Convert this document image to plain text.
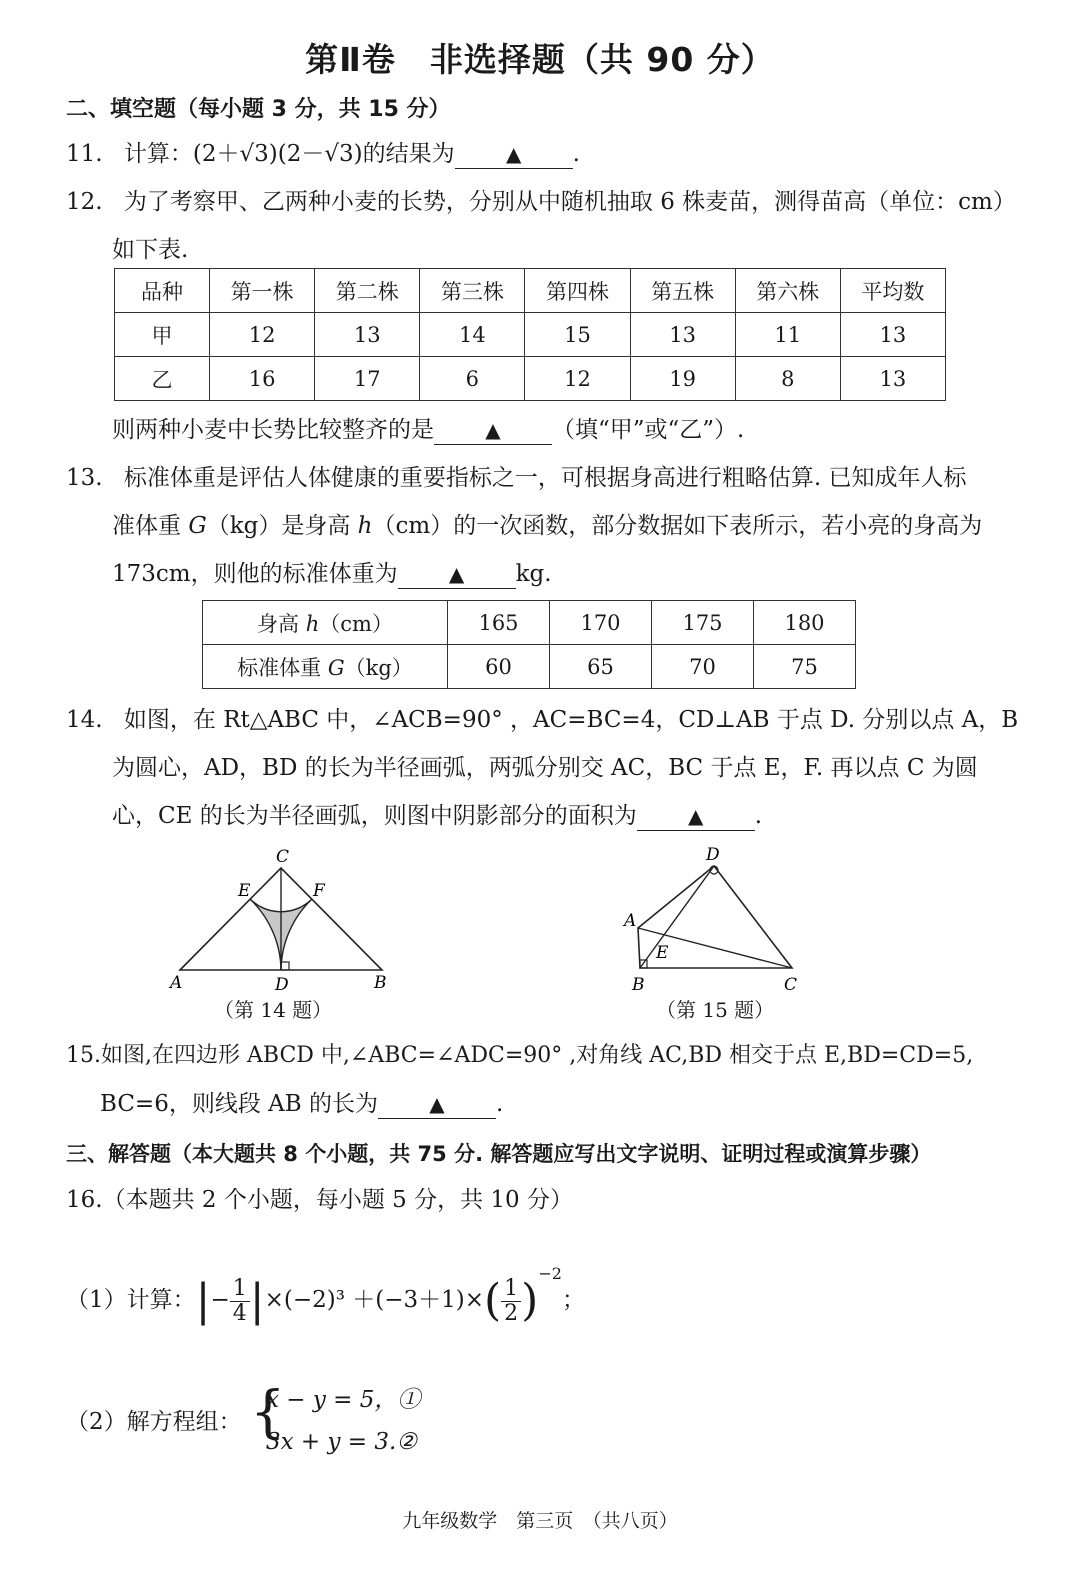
第Ⅱ卷　非选择题（共 90 分）
二、填空题（每小题 3 分，共 15 分）
11. 计算：(2＋√3)(2－√3)的结果为	▲ .
12. 为了考察甲、乙两种小麦的长势，分别从中随机抽取 6 株麦苗，测得苗高（单位：cm）
如下表.
品种	第一株	第二株	第三株	第四株	第五株	第六株	平均数
甲	12	13	14	15	13	11	13
乙	16	17	6	12	19	8	13
则两种小麦中长势比较整齐的是	▲ （填“甲”或“乙”）.
13. 标准体重是评估人体健康的重要指标之一，可根据身高进行粗略估算. 已知成年人标
准体重 G（kg）是身高 h（cm）的一次函数，部分数据如下表所示，若小亮的身高为
173cm，则他的标准体重为	▲ kg.
身高 h（cm）	165	170	175	180
标准体重 G（kg）	60	65	70	75
14. 如图，在 Rt△ABC 中，∠ACB=90° ，AC=BC=4，CD⊥AB 于点 D. 分别以点 A，B
为圆心，AD，BD 的长为半径画弧，两弧分别交 AC，BC 于点 E，F. 再以点 C 为圆
心，CE 的长为半径画弧，则图中阴影部分的面积为	▲ .
C
E	F
A	D	B
（第 14 题）
D
A
E
B	C
（第 15 题）
15.如图,在四边形 ABCD 中,∠ABC=∠ADC=90° ,对角线 AC,BD 相交于点 E,BD=CD=5,
BC=6，则线段 AB 的长为	▲ .
三、解答题（本大题共 8 个小题，共 75 分. 解答题应写出文字说明、证明过程或演算步骤）
16.（本题共 2 个小题，每小题 5 分，共 10 分）
（1）计算：|− $\frac{1}{4} |\times(-2)^3 +(-3+1)\times( \frac{1}{2} )^{-2}$；
（2）解方程组： {
x − y = 5，①
3x + y = 3.②
九年级数学　第三页　（共八页）
